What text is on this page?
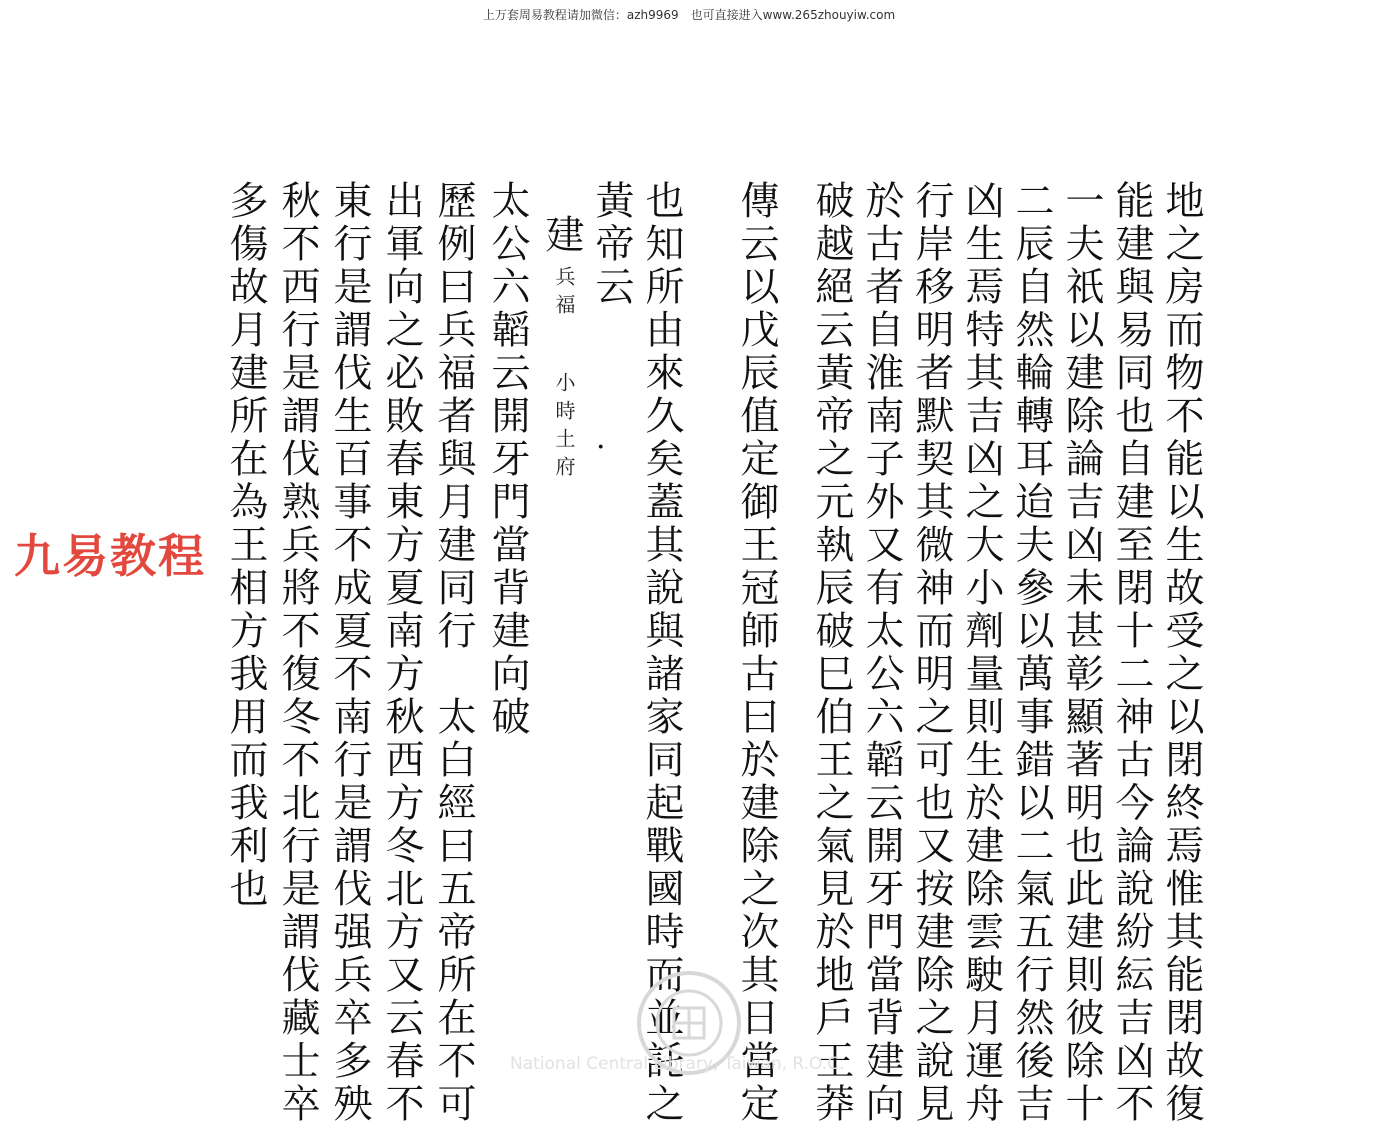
上万套周易教程请加微信：azh9969　也可直接进入www.265zhouyiw.com
地之房而物不能以生故受之以閉終焉惟其能閉故復
能建與易同也自建至閉十二神古今論說紛紜吉凶不
一夫祇以建除論吉凶未甚彰顯著明也此建則彼除十
二辰自然輪轉耳迨夫參以萬事錯以二氣五行然後吉
凶生焉特其吉凶之大小劑量則生於建除雲駛月運舟
行岸移明者默契其微神而明之可也又按建除之說見
於古者自淮南子外又有太公六韜云開牙門當背建向
破越絕云黃帝之元執辰破巳伯王之氣見於地戶王莽
傳云以戊辰值定御王冠師古曰於建除之次其日當定
也知所由來久矣蓋其說與諸家同起戰國時而並託之
黃帝云
建
兵福
小時土府
太公六韜云開牙門當背建向破
歷例曰兵福者與月建同行　太白經曰五帝所在不可
出軍向之必敗春東方夏南方秋西方冬北方又云春不
東行是謂伐生百事不成夏不南行是謂伐强兵卒多殃
秋不西行是謂伐熟兵將不復冬不北行是謂伐藏士卒
多傷故月建所在為王相方我用而我利也	·
九易教程
National Central Library, Taiwan, R.O.C.
